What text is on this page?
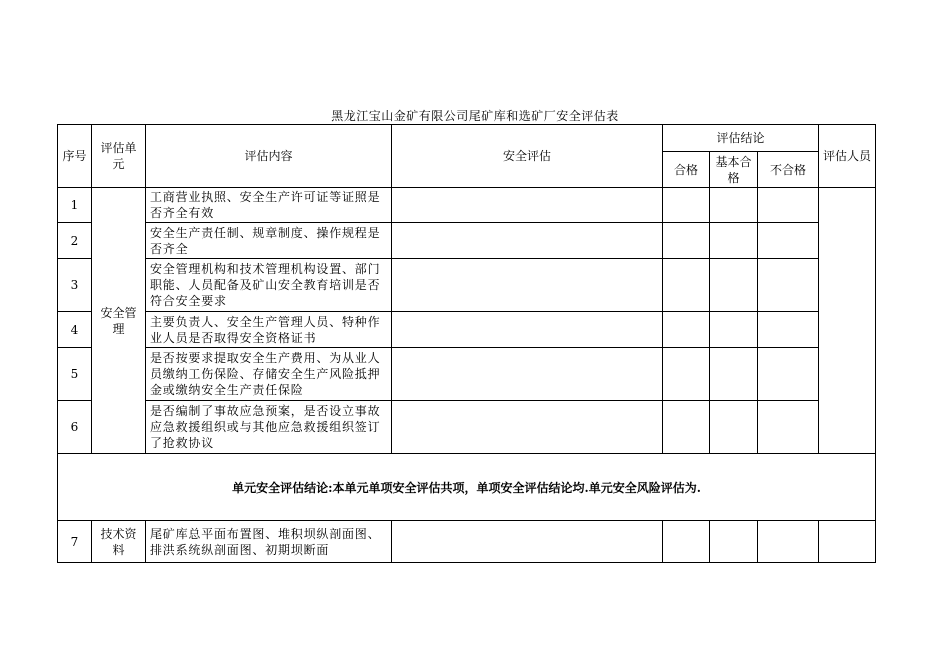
黑龙江宝山金矿有限公司尾矿库和选矿厂安全评估表
序号	评估单元	评估内容	安全评估	评估结论			评估人员
				合格	基本合格	不合格	
1	安全管理	工商营业执照、安全生产许可证等证照是否齐全有效					
2		安全生产责任制、规章制度、操作规程是否齐全					
3		安全管理机构和技术管理机构设置、部门职能、人员配备及矿山安全教育培训是否符合安全要求					
4		主要负责人、安全生产管理人员、特种作业人员是否取得安全资格证书					
5		是否按要求提取安全生产费用、为从业人员缴纳工伤保险、存储安全生产风险抵押金或缴纳安全生产责任保险					
6		是否编制了事故应急预案，是否设立事故应急救援组织或与其他应急救援组织签订了抢救协议					
单元安全评估结论:本单元单项安全评估共项，单项安全评估结论均.单元安全风险评估为.							
7	技术资料	尾矿库总平面布置图、堆积坝纵剖面图、排洪系统纵剖面图、初期坝断面					
